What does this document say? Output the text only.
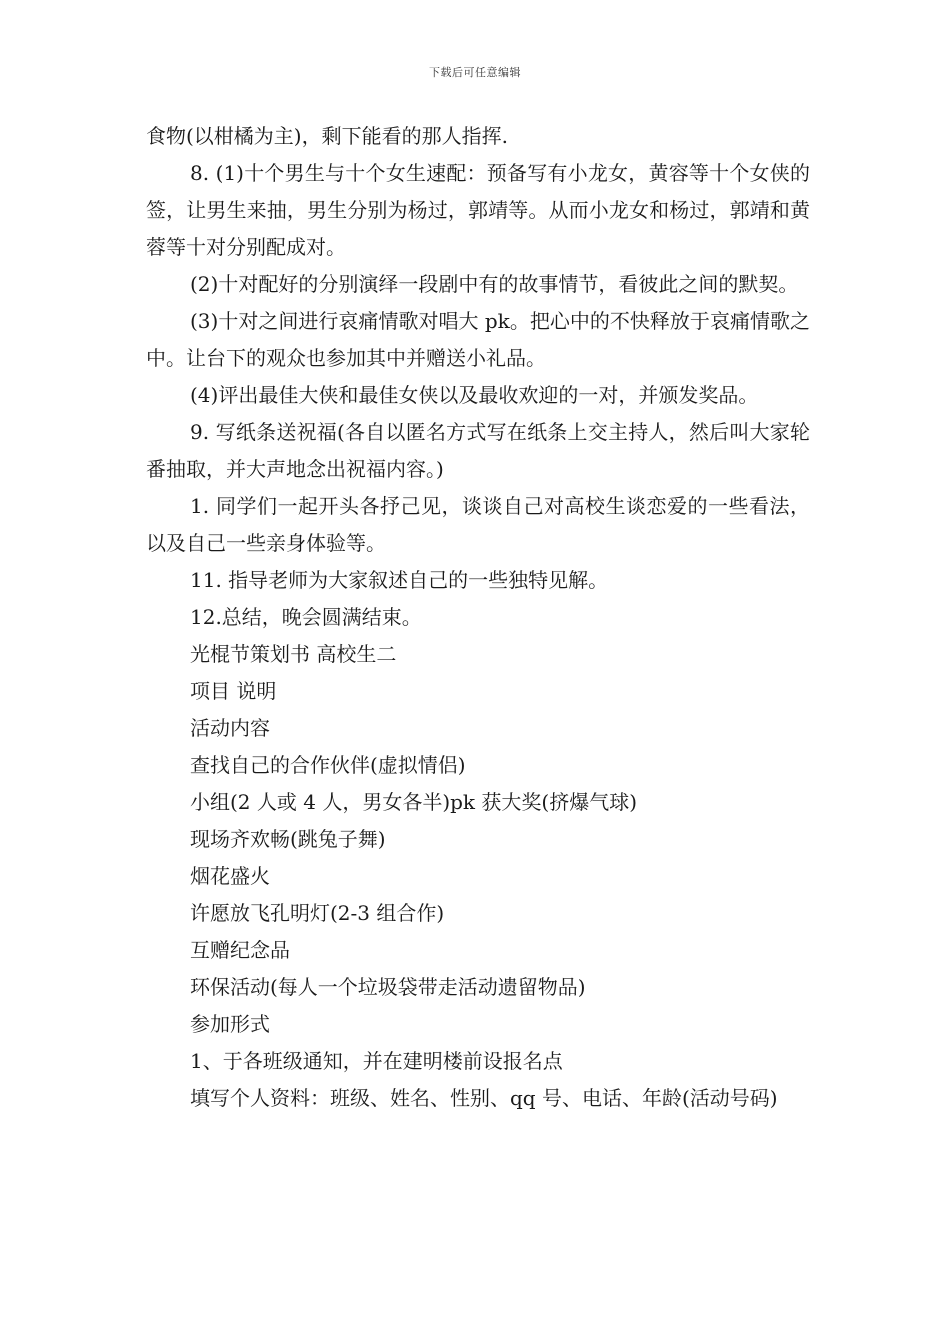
下载后可任意编辑

食物(以柑橘为主)，剩下能看的那人指挥.

8. (1)十个男生与十个女生速配：预备写有小龙女，黄容等十个女侠的签，让男生来抽，男生分别为杨过，郭靖等。从而小龙女和杨过，郭靖和黄蓉等十对分别配成对。

(2)十对配好的分别演绎一段剧中有的故事情节，看彼此之间的默契。

(3)十对之间进行哀痛情歌对唱大 pk。把心中的不快释放于哀痛情歌之中。让台下的观众也参加其中并赠送小礼品。

(4)评出最佳大侠和最佳女侠以及最收欢迎的一对，并颁发奖品。

9. 写纸条送祝福(各自以匿名方式写在纸条上交主持人，然后叫大家轮番抽取，并大声地念出祝福内容。)

1. 同学们一起开头各抒己见，谈谈自己对高校生谈恋爱的一些看法，以及自己一些亲身体验等。

11. 指导老师为大家叙述自己的一些独特见解。

12.总结，晚会圆满结束。

光棍节策划书 高校生二

项目 说明

活动内容

查找自己的合作伙伴(虚拟情侣)

小组(2 人或 4 人，男女各半)pk 获大奖(挤爆气球)

现场齐欢畅(跳兔子舞)

烟花盛火

许愿放飞孔明灯(2-3 组合作)

互赠纪念品

环保活动(每人一个垃圾袋带走活动遗留物品)

参加形式

1、于各班级通知，并在建明楼前设报名点

填写个人资料：班级、姓名、性别、qq 号、电话、年龄(活动号码)
